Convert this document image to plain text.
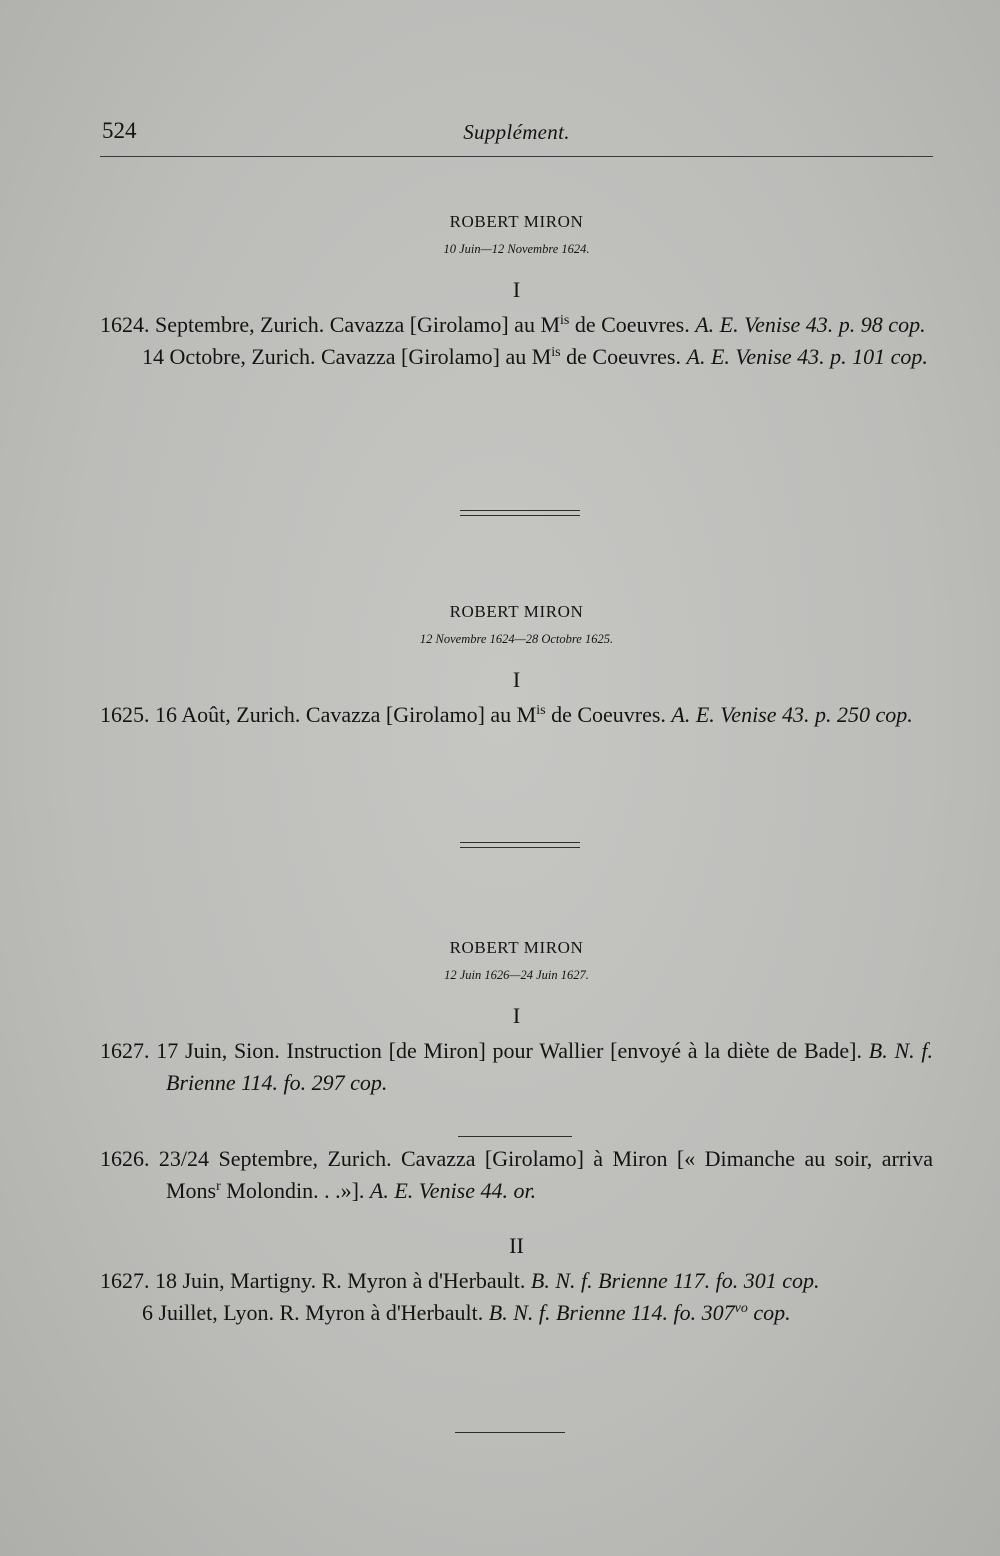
524	Supplément.

ROBERT MIRON

10 Juin—12 Novembre 1624.

I

1624. Septembre, Zurich. Cavazza [Girolamo] au $M^{is}$ de Coeuvres. A. E. Venise 43. p. 98 cop.

14 Octobre, Zurich. Cavazza [Girolamo] au $M^{is}$ de Coeuvres. A. E. Venise 43. p. 101 cop.

ROBERT MIRON

12 Novembre 1624—28 Octobre 1625.

I

1625. 16 Août, Zurich. Cavazza [Girolamo] au $M^{is}$ de Coeuvres. A. E. Venise 43. p. 250 cop.

ROBERT MIRON

12 Juin 1626—24 Juin 1627.

I

1627. 17 Juin, Sion. Instruction [de Miron] pour Wallier [envoyé à la diète de Bade]. B. N. f. Brienne 114. fo. 297 cop.

1626. 23/24 Septembre, Zurich. Cavazza [Girolamo] à Miron [« Dimanche au soir, arriva Mons$^r$ Molondin. . .»]. A. E. Venise 44. or.

II

1627. 18 Juin, Martigny. R. Myron à d'Herbault. B. N. f. Brienne 117. fo. 301 cop.

6 Juillet, Lyon. R. Myron à d'Herbault. B. N. f. Brienne 114. fo. 307$^{vo}$ cop.
